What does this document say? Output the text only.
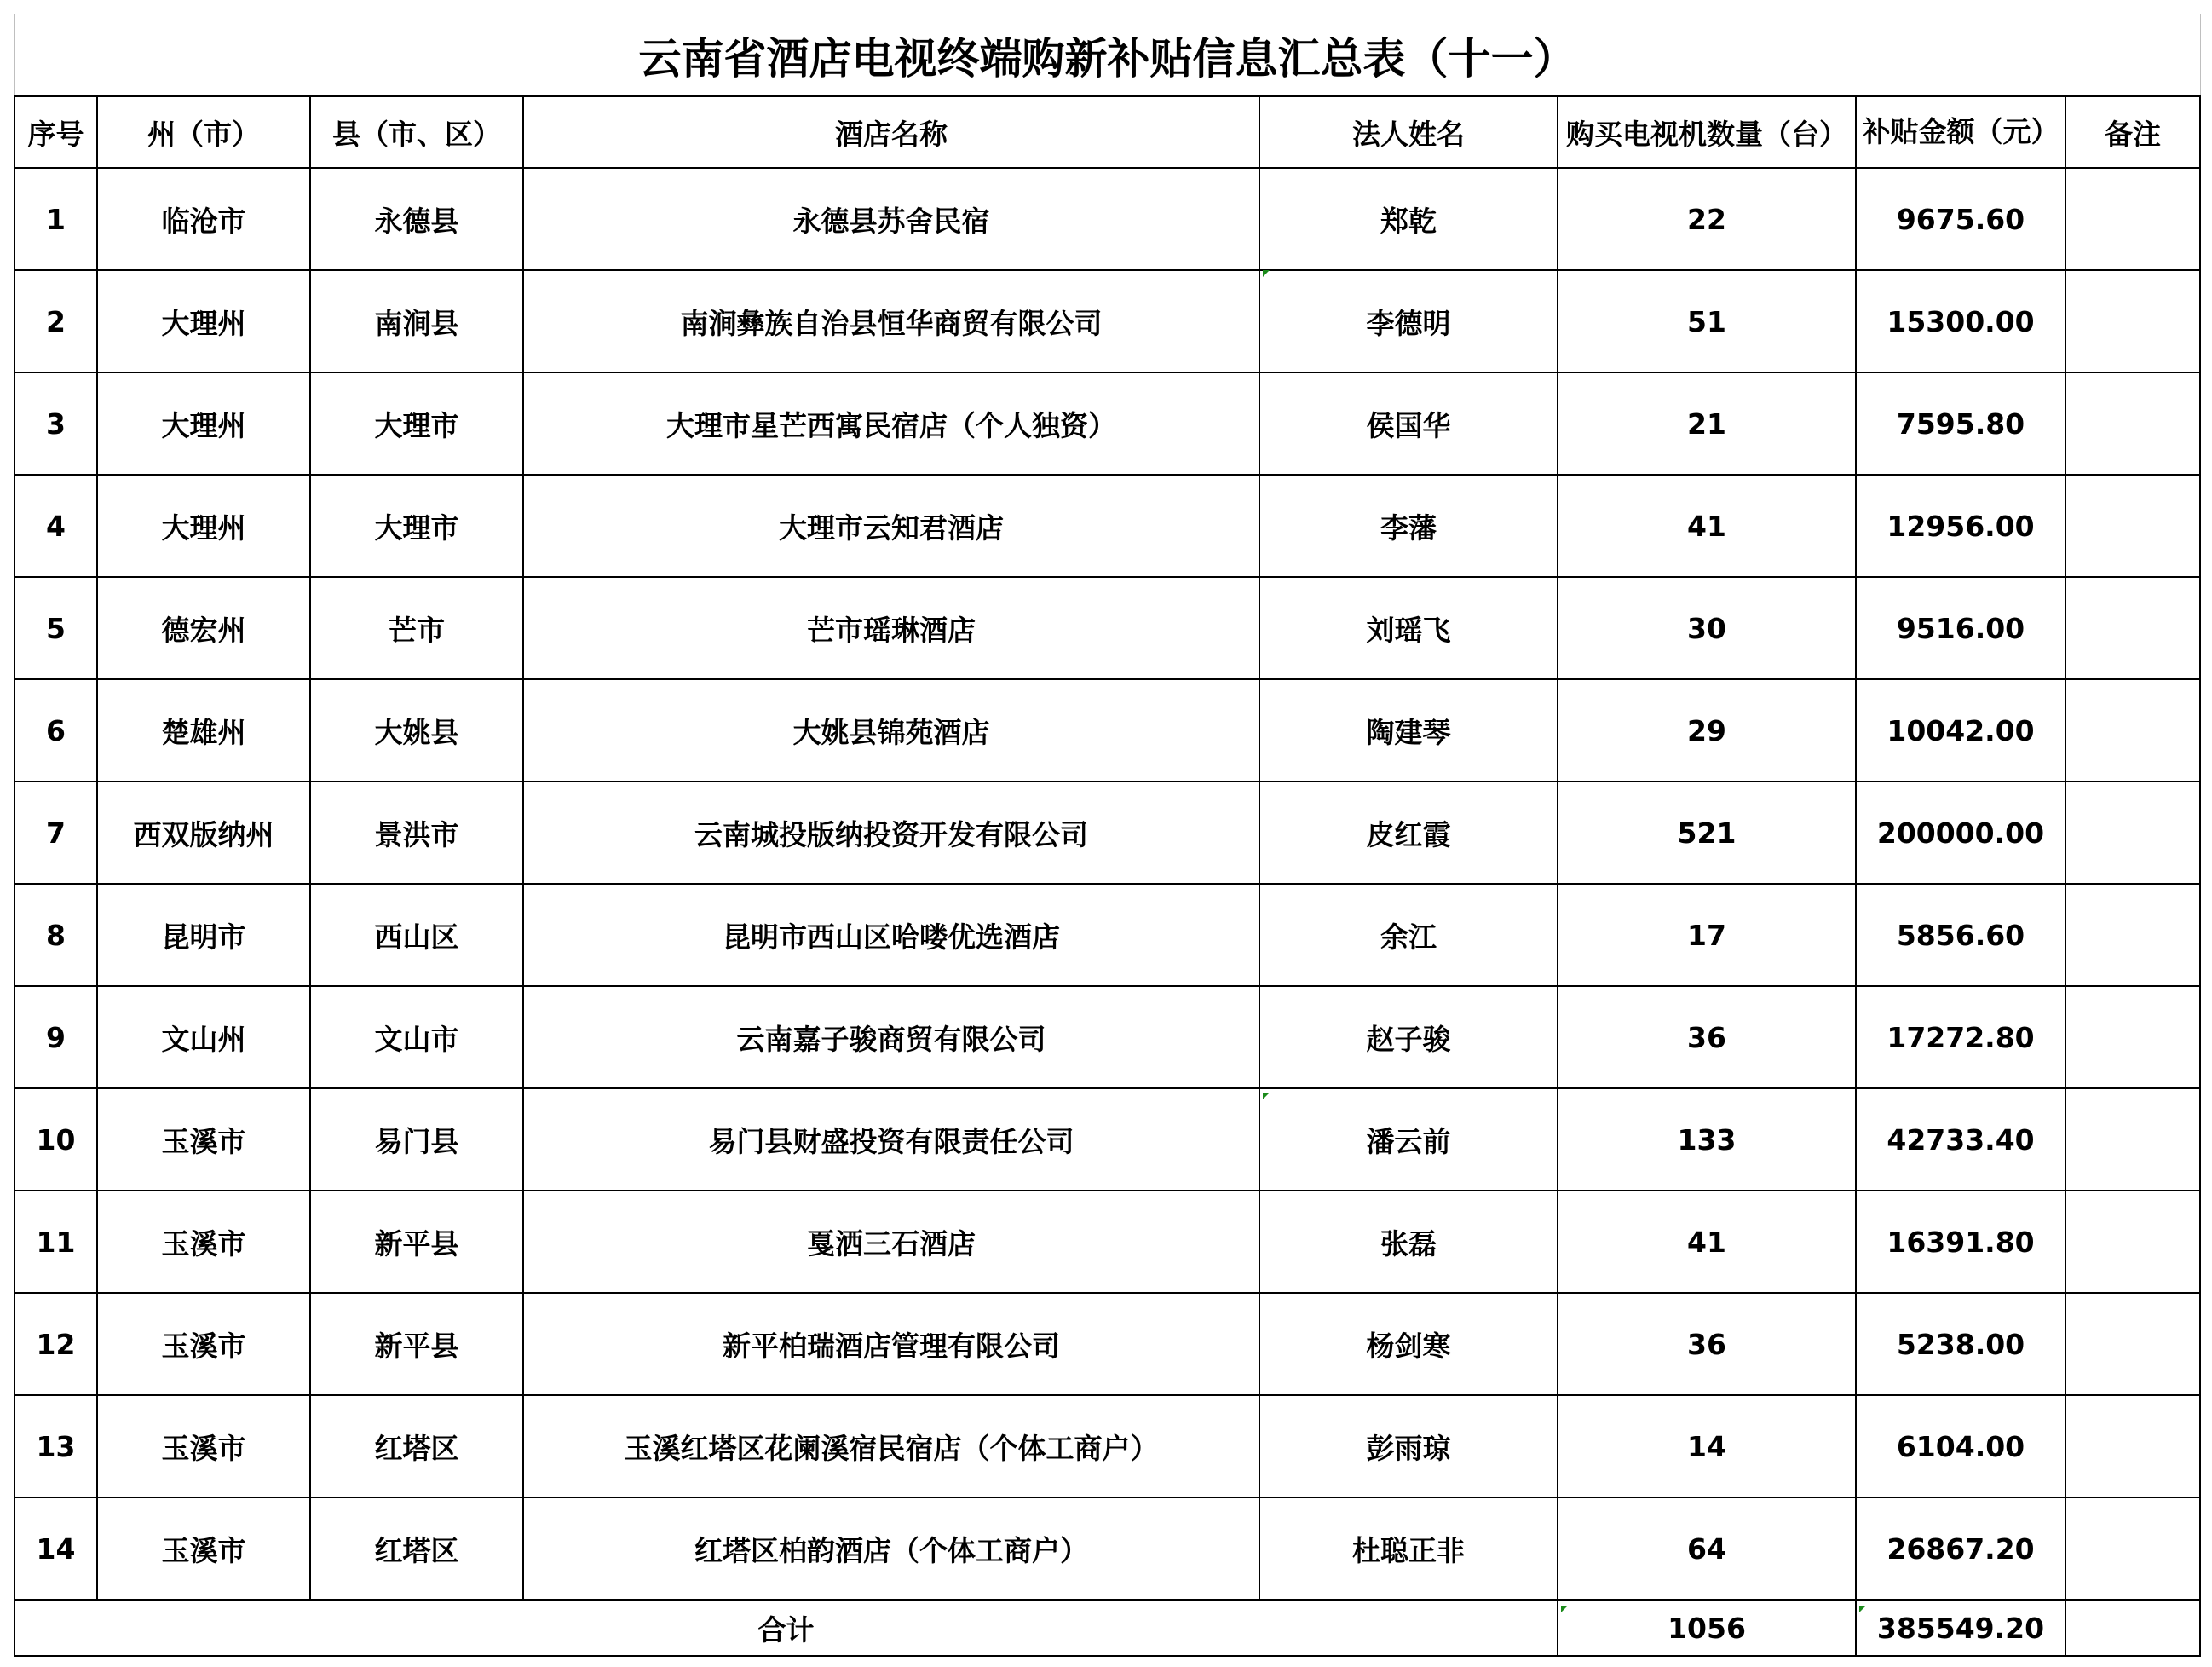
云南省酒店电视终端购新补贴信息汇总表（十一）							
序号	州（市）	县（市、区）	酒店名称	法人姓名	购买电视机数量（台）	补贴金额（元）	备注
1	临沧市	永德县	永德县苏舍民宿	郑乾	22	9675.60	
2	大理州	南涧县	南涧彝族自治县恒华商贸有限公司	李德明	51	15300.00	
3	大理州	大理市	大理市星芒西寓民宿店（个人独资）	侯国华	21	7595.80	
4	大理州	大理市	大理市云知君酒店	李藩	41	12956.00	
5	德宏州	芒市	芒市瑶琳酒店	刘瑶飞	30	9516.00	
6	楚雄州	大姚县	大姚县锦苑酒店	陶建琴	29	10042.00	
7	西双版纳州	景洪市	云南城投版纳投资开发有限公司	皮红霞	521	200000.00	
8	昆明市	西山区	昆明市西山区哈喽优选酒店	余江	17	5856.60	
9	文山州	文山市	云南嘉子骏商贸有限公司	赵子骏	36	17272.80	
10	玉溪市	易门县	易门县财盛投资有限责任公司	潘云前	133	42733.40	
11	玉溪市	新平县	戛洒三石酒店	张磊	41	16391.80	
12	玉溪市	新平县	新平柏瑞酒店管理有限公司	杨剑寒	36	5238.00	
13	玉溪市	红塔区	玉溪红塔区花阑溪宿民宿店（个体工商户）	彭雨琼	14	6104.00	
14	玉溪市	红塔区	红塔区柏韵酒店（个体工商户）	杜聪正非	64	26867.20	
合计					1056	385549.20	
